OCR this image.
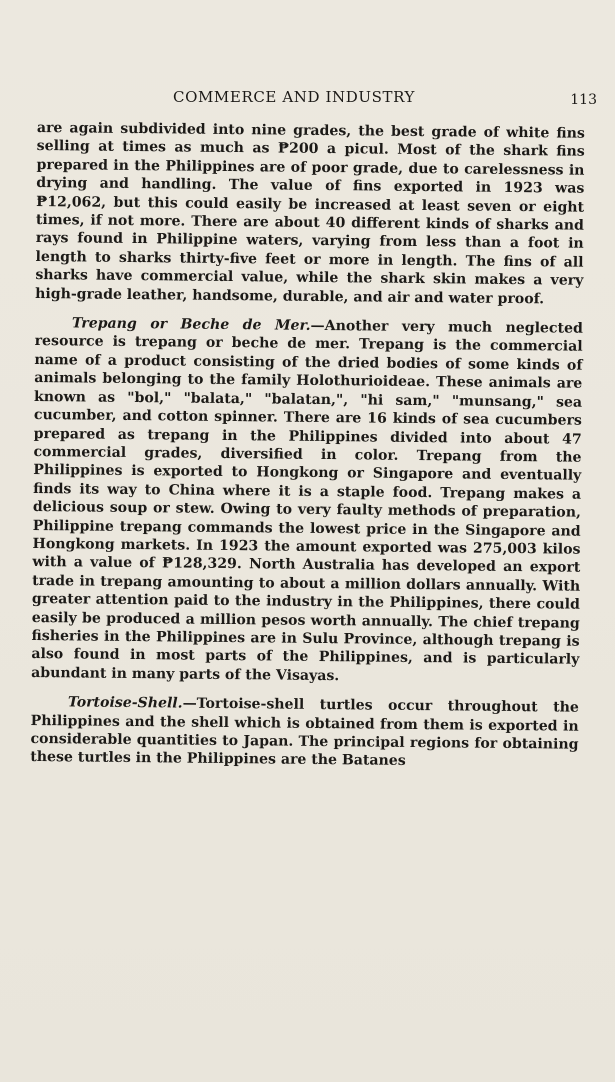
COMMERCE AND INDUSTRY	113

are again subdivided into nine grades, the best grade of white fins selling at times as much as ₱200 a picul. Most of the shark fins prepared in the Philippines are of poor grade, due to carelessness in drying and handling. The value of fins exported in 1923 was ₱12,062, but this could easily be increased at least seven or eight times, if not more. There are about 40 different kinds of sharks and rays found in Philippine waters, varying from less than a foot in length to sharks thirty-five feet or more in length. The fins of all sharks have commercial value, while the shark skin makes a very high-grade leather, handsome, durable, and air and water proof.

Trepang or Beche de Mer.—Another very much neglected resource is trepang or beche de mer. Trepang is the commercial name of a product consisting of the dried bodies of some kinds of animals belonging to the family Holothurioideae. These animals are known as "bol," "balata," "balatan,", "hi sam," "munsang," sea cucumber, and cotton spinner. There are 16 kinds of sea cucumbers prepared as trepang in the Philippines divided into about 47 commercial grades, diversified in color. Trepang from the Philippines is exported to Hongkong or Singapore and eventually finds its way to China where it is a staple food. Trepang makes a delicious soup or stew. Owing to very faulty methods of preparation, Philippine trepang commands the lowest price in the Singapore and Hongkong markets. In 1923 the amount exported was 275,003 kilos with a value of ₱128,329. North Australia has developed an export trade in trepang amounting to about a million dollars annually. With greater attention paid to the industry in the Philippines, there could easily be produced a million pesos worth annually. The chief trepang fisheries in the Philippines are in Sulu Province, although trepang is also found in most parts of the Philippines, and is particularly abundant in many parts of the Visayas.

Tortoise-Shell.—Tortoise-shell turtles occur throughout the Philippines and the shell which is obtained from them is exported in considerable quantities to Japan. The principal regions for obtaining these turtles in the Philippines are the Batanes
